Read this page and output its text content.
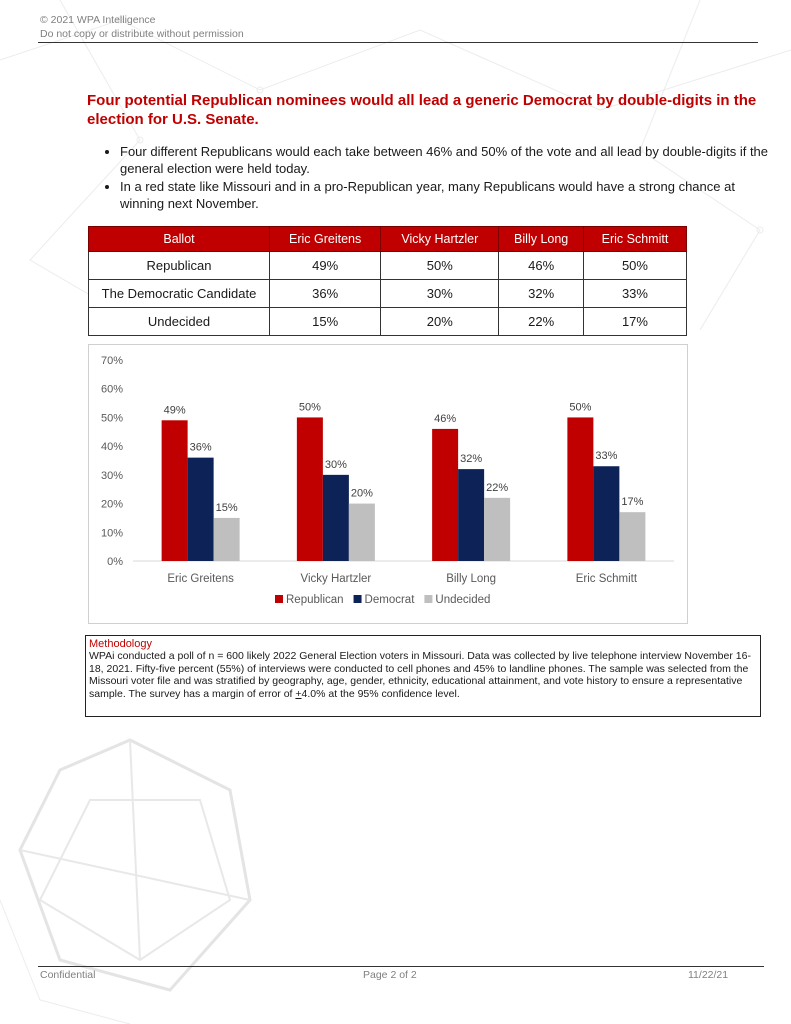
© 2021 WPA Intelligence
Do not copy or distribute without permission
Four potential Republican nominees would all lead a generic Democrat by double-digits in the election for U.S. Senate.
• Four different Republicans would each take between 46% and 50% of the vote and all lead by double-digits if the general election were held today.
• In a red state like Missouri and in a pro-Republican year, many Republicans would have a strong chance at winning next November.
Ballot	Eric Greitens	Vicky Hartzler	Billy Long	Eric Schmitt
Republican	49%	50%	46%	50%
The Democratic Candidate	36%	30%	32%	33%
Undecided	15%	20%	22%	17%
0%
10%
20%
30%
40%
50%
60%
70%
49%
36%
15%
Eric Greitens
50%
30%
20%
Vicky Hartzler
46%
32%
22%
Billy Long
50%
33%
17%
Eric Schmitt
Republican Democrat Undecided
Methodology
WPAi conducted a poll of n = 600 likely 2022 General Election voters in Missouri. Data was collected by live telephone interview November 16-18, 2021. Fifty-five percent (55%) of interviews were conducted to cell phones and 45% to landline phones. The sample was selected from the Missouri voter file and was stratified by geography, age, gender, ethnicity, educational attainment, and vote history to ensure a representative sample. The survey has a margin of error of +4.0% at the 95% confidence level.
Confidential	Page 2 of 2	11/22/21
